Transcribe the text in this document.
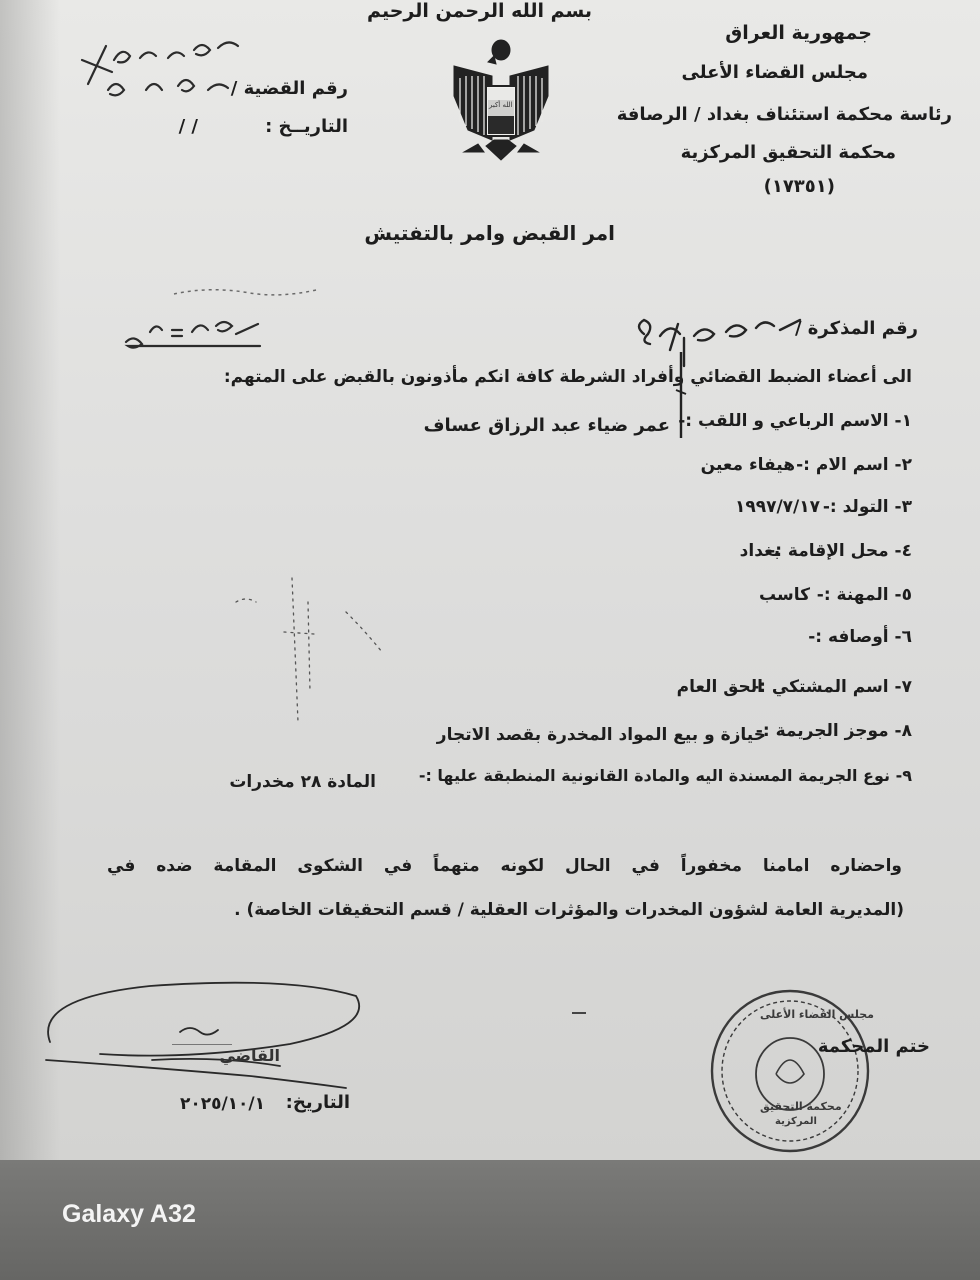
بسم الله الرحمن الرحيم
جمهورية العراق
مجلس القضاء الأعلى
رئاسة محكمة استئناف بغداد / الرصافة
محكمة التحقيق المركزية
(١٧٣٥١)
الله أكبر
رقم القضية /
التاريــخ :
/ /
امر القبض وامر بالتفتيش
رقم المذكرة /
الى أعضاء الضبط القضائي وأفراد الشرطة كافة انكم مأذونون بالقبض على المتهم:
١- الاسم الرباعي و اللقب :-
عمر ضياء عبد الرزاق عساف
٢- اسم الام :-
هيفاء معين
٣- التولد :-
١٩٩٧/٧/١٧
٤- محل الإقامة :-
بغداد
٥- المهنة :-
كاسب
٦- أوصافه :-
٧- اسم المشتكي :-
الحق العام
٨- موجز الجريمة :-
حيازة و بيع المواد المخدرة بقصد الاتجار
٩- نوع الجريمة المسندة اليه والمادة القانونية المنطبقة عليها :-
المادة ٢٨ مخدرات
واحضاره امامنا مخفوراً في الحال لكونه متهماً في الشكوى المقامة ضده في
(المديرية العامة لشؤون المخدرات والمؤثرات العقلية / قسم التحقيقات الخاصة) .
القاضي
التاريخ:
٢٠٢٥/١٠/١
مجلس القضاء الأعلى
محكمة التحقيق
المركزية
ختم المحكمة
Galaxy A32
